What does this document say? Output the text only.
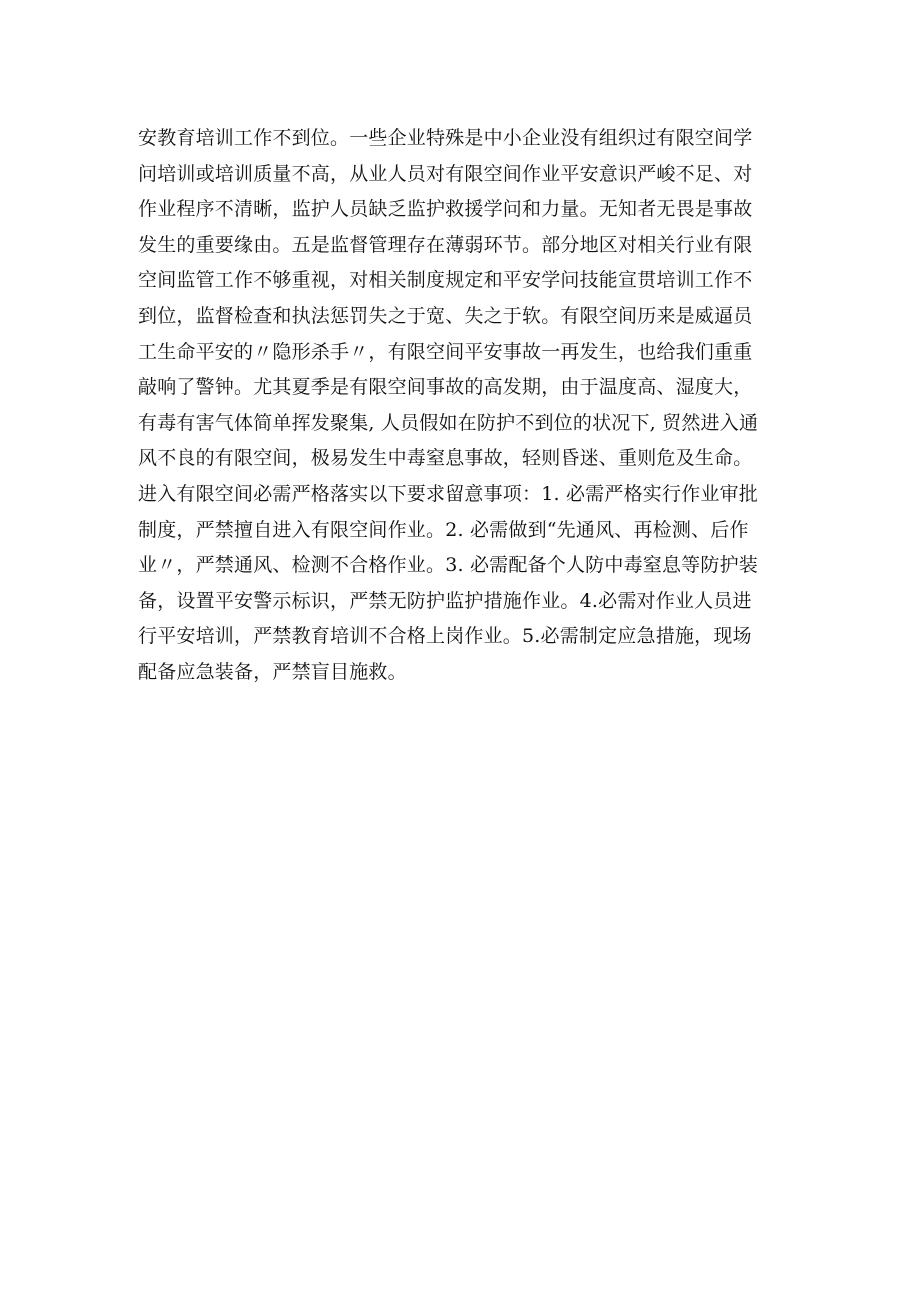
安教育培训工作不到位。一些企业特殊是中小企业没有组织过有限空间学
问培训或培训质量不高，从业人员对有限空间作业平安意识严峻不足、对
作业程序不清晰，监护人员缺乏监护救援学问和力量。无知者无畏是事故
发生的重要缘由。五是监督管理存在薄弱环节。部分地区对相关行业有限
空间监管工作不够重视，对相关制度规定和平安学问技能宣贯培训工作不
到位，监督检查和执法惩罚失之于宽、失之于软。有限空间历来是威逼员
工生命平安的〃隐形杀手〃，有限空间平安事故一再发生，也给我们重重
敲响了警钟。尤其夏季是有限空间事故的高发期，由于温度高、湿度大，
有毒有害气体简单挥发聚集, 人员假如在防护不到位的状况下, 贸然进入通
风不良的有限空间，极易发生中毒窒息事故，轻则昏迷、重则危及生命。
进入有限空间必需严格落实以下要求留意事项：1. 必需严格实行作业审批
制度，严禁擅自进入有限空间作业。2. 必需做到“先通风、再检测、后作
业〃，严禁通风、检测不合格作业。3. 必需配备个人防中毒窒息等防护装
备，设置平安警示标识，严禁无防护监护措施作业。4.必需对作业人员进
行平安培训，严禁教育培训不合格上岗作业。5.必需制定应急措施，现场
配备应急装备，严禁盲目施救。
